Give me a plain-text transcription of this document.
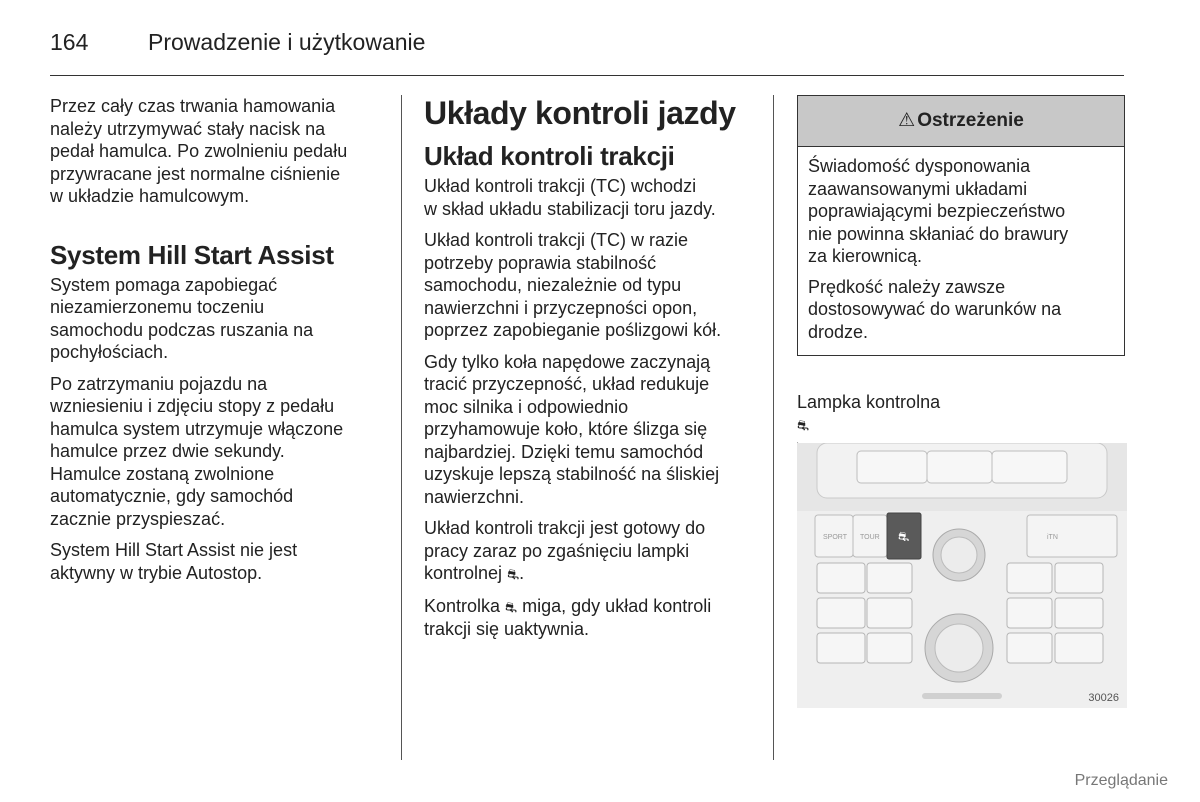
164	Prowadzenie i użytkowanie

Przez cały czas trwania hamowania
należy utrzymywać stały nacisk na
pedał hamulca. Po zwolnieniu pedału
przywracane jest normalne ciśnienie
w układzie hamulcowym.

System Hill Start Assist

System pomaga zapobiegać
niezamierzonemu toczeniu
samochodu podczas ruszania na
pochyłościach.

Po zatrzymaniu pojazdu na
wzniesieniu i zdjęciu stopy z pedału
hamulca system utrzymuje włączone
hamulce przez dwie sekundy.
Hamulce zostaną zwolnione
automatycznie, gdy samochód
zacznie przyspieszać.

System Hill Start Assist nie jest
aktywny w trybie Autostop.

Układy kontroli jazdy
Układ kontroli trakcji

Układ kontroli trakcji (TC) wchodzi
w skład układu stabilizacji toru jazdy.

Układ kontroli trakcji (TC) w razie
potrzeby poprawia stabilność
samochodu, niezależnie od typu
nawierzchni i przyczepności opon,
poprzez zapobieganie poślizgowi kół.

Gdy tylko koła napędowe zaczynają
tracić przyczepność, układ redukuje
moc silnika i odpowiednio
przyhamowuje koło, które ślizga się
najbardziej. Dzięki temu samochód
uzyskuje lepszą stabilność na śliskiej
nawierzchni.

Układ kontroli trakcji jest gotowy do
pracy zaraz po zgaśnięciu lampki
kontrolnej ⛐.

Kontrolka ⛐ miga, gdy układ kontroli
trakcji się uaktywnia.

⚠ Ostrzeżenie

Świadomość dysponowania
zaawansowanymi układami
poprawiającymi bezpieczeństwo
nie powinna skłaniać do brawury
za kierownicą.

Prędkość należy zawsze
dostosowywać do warunków na
drodze.

Lampka kontrolna
⛐

SPORT TOUR ⛐	iTN
30026
Przeglądanie
